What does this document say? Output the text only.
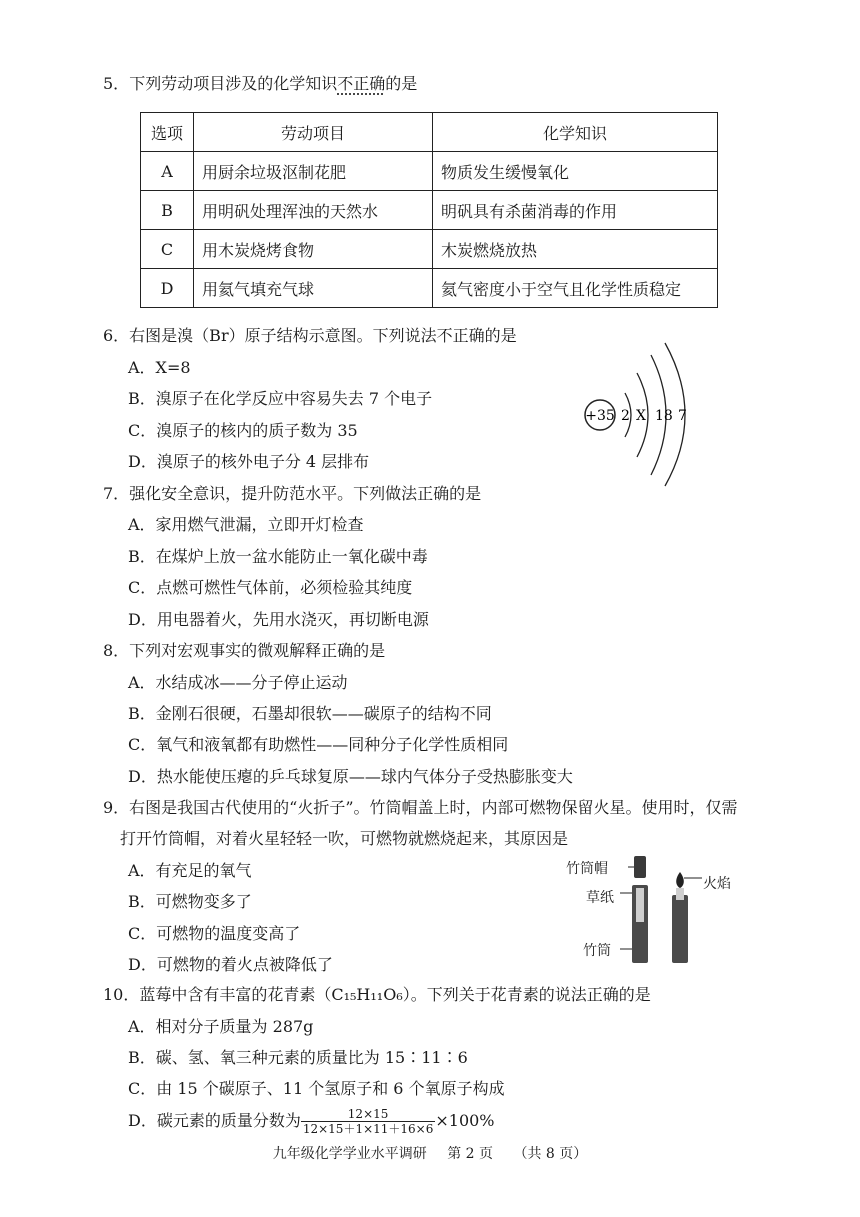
5．下列劳动项目涉及的化学知识不正确的是
选项	劳动项目	化学知识
A	用厨余垃圾沤制花肥	物质发生缓慢氧化
B	用明矾处理浑浊的天然水	明矾具有杀菌消毒的作用
C	用木炭烧烤食物	木炭燃烧放热
D	用氦气填充气球	氦气密度小于空气且化学性质稳定
6．右图是溴（Br）原子结构示意图。下列说法不正确的是
A．X=8
B．溴原子在化学反应中容易失去 7 个电子
C．溴原子的核内的质子数为 35
D．溴原子的核外电子分 4 层排布
+35 2 X 18 7
7．强化安全意识，提升防范水平。下列做法正确的是
A．家用燃气泄漏，立即开灯检查
B．在煤炉上放一盆水能防止一氧化碳中毒
C．点燃可燃性气体前，必须检验其纯度
D．用电器着火，先用水浇灭，再切断电源
8．下列对宏观事实的微观解释正确的是
A．水结成冰——分子停止运动
B．金刚石很硬，石墨却很软——碳原子的结构不同
C．氧气和液氧都有助燃性——同种分子化学性质相同
D．热水能使压瘪的乒乓球复原——球内气体分子受热膨胀变大
9．右图是我国古代使用的“火折子”。竹筒帽盖上时，内部可燃物保留火星。使用时，仅需
打开竹筒帽，对着火星轻轻一吹，可燃物就燃烧起来，其原因是
A．有充足的氧气
B．可燃物变多了
C．可燃物的温度变高了
D．可燃物的着火点被降低了
竹筒帽
草纸
竹筒
火焰
10．蓝莓中含有丰富的花青素（C₁₅H₁₁O₆）。下列关于花青素的说法正确的是
A．相对分子质量为 287g
B．碳、氢、氧三种元素的质量比为 15∶11∶6
C．由 15 个碳原子、11 个氢原子和 6 个氧原子构成
D．碳元素的质量分数为 $\frac{12\times 15}{12\times 15+1\times 11+16\times 6} \times 100\%$
九年级化学学业水平调研 第 2 页 （共 8 页）
